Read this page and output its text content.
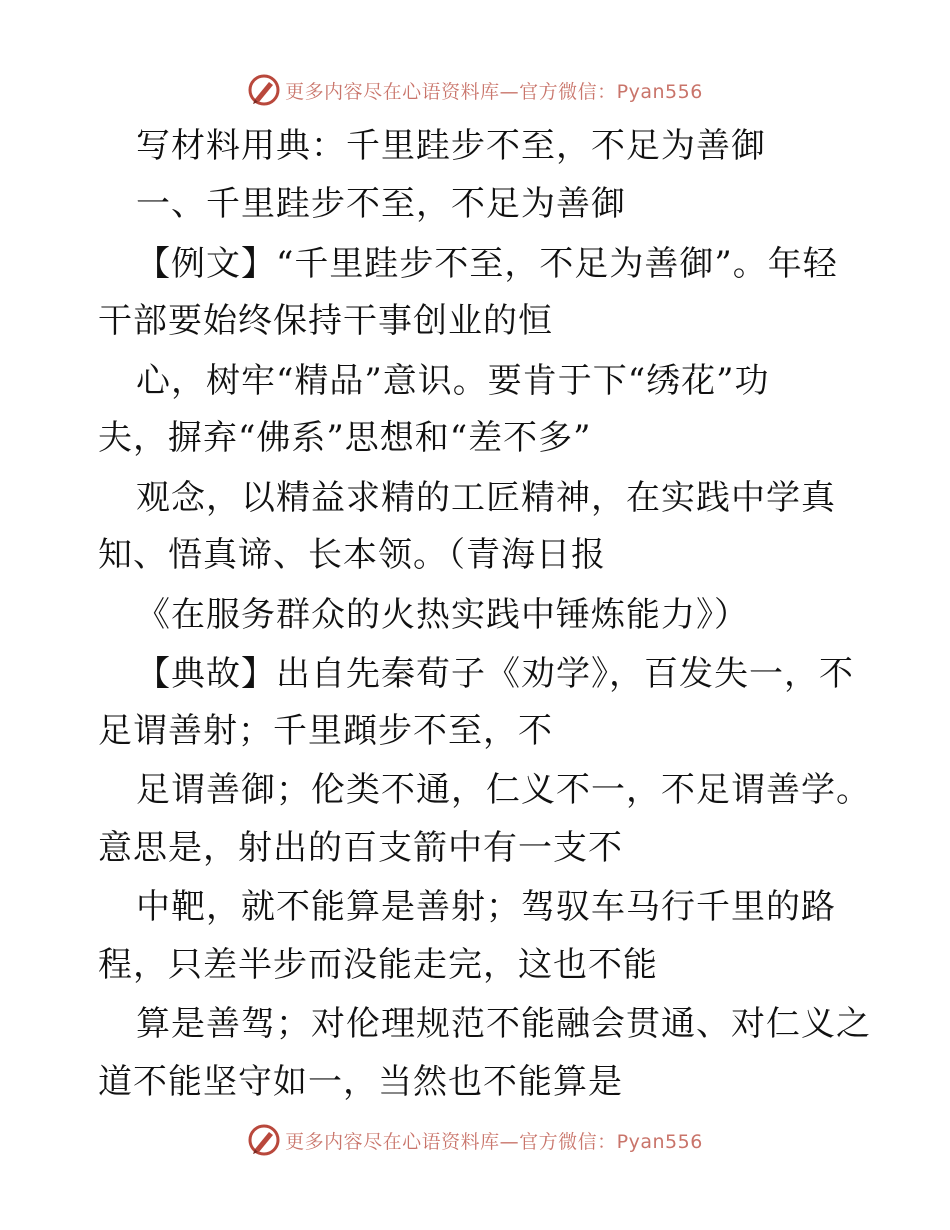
更多内容尽在心语资料库—官方微信：Pyan556
写材料用典：千里跬步不至，不足为善御
一、千里跬步不至，不足为善御
【例文】“千里跬步不至，不足为善御”。年轻
干部要始终保持干事创业的恒
心，树牢“精品”意识。要肯于下“绣花”功
夫，摒弃“佛系”思想和“差不多”
观念，以精益求精的工匠精神，在实践中学真
知、悟真谛、长本领。（青海日报
《在服务群众的火热实践中锤炼能力》）
【典故】出自先秦荀子《劝学》，百发失一，不
足谓善射；千里蹞步不至，不
足谓善御；伦类不通，仁义不一，不足谓善学。
意思是，射出的百支箭中有一支不
中靶，就不能算是善射；驾驭车马行千里的路
程，只差半步而没能走完，这也不能
算是善驾；对伦理规范不能融会贯通、对仁义之
道不能坚守如一，当然也不能算是
更多内容尽在心语资料库—官方微信：Pyan556
